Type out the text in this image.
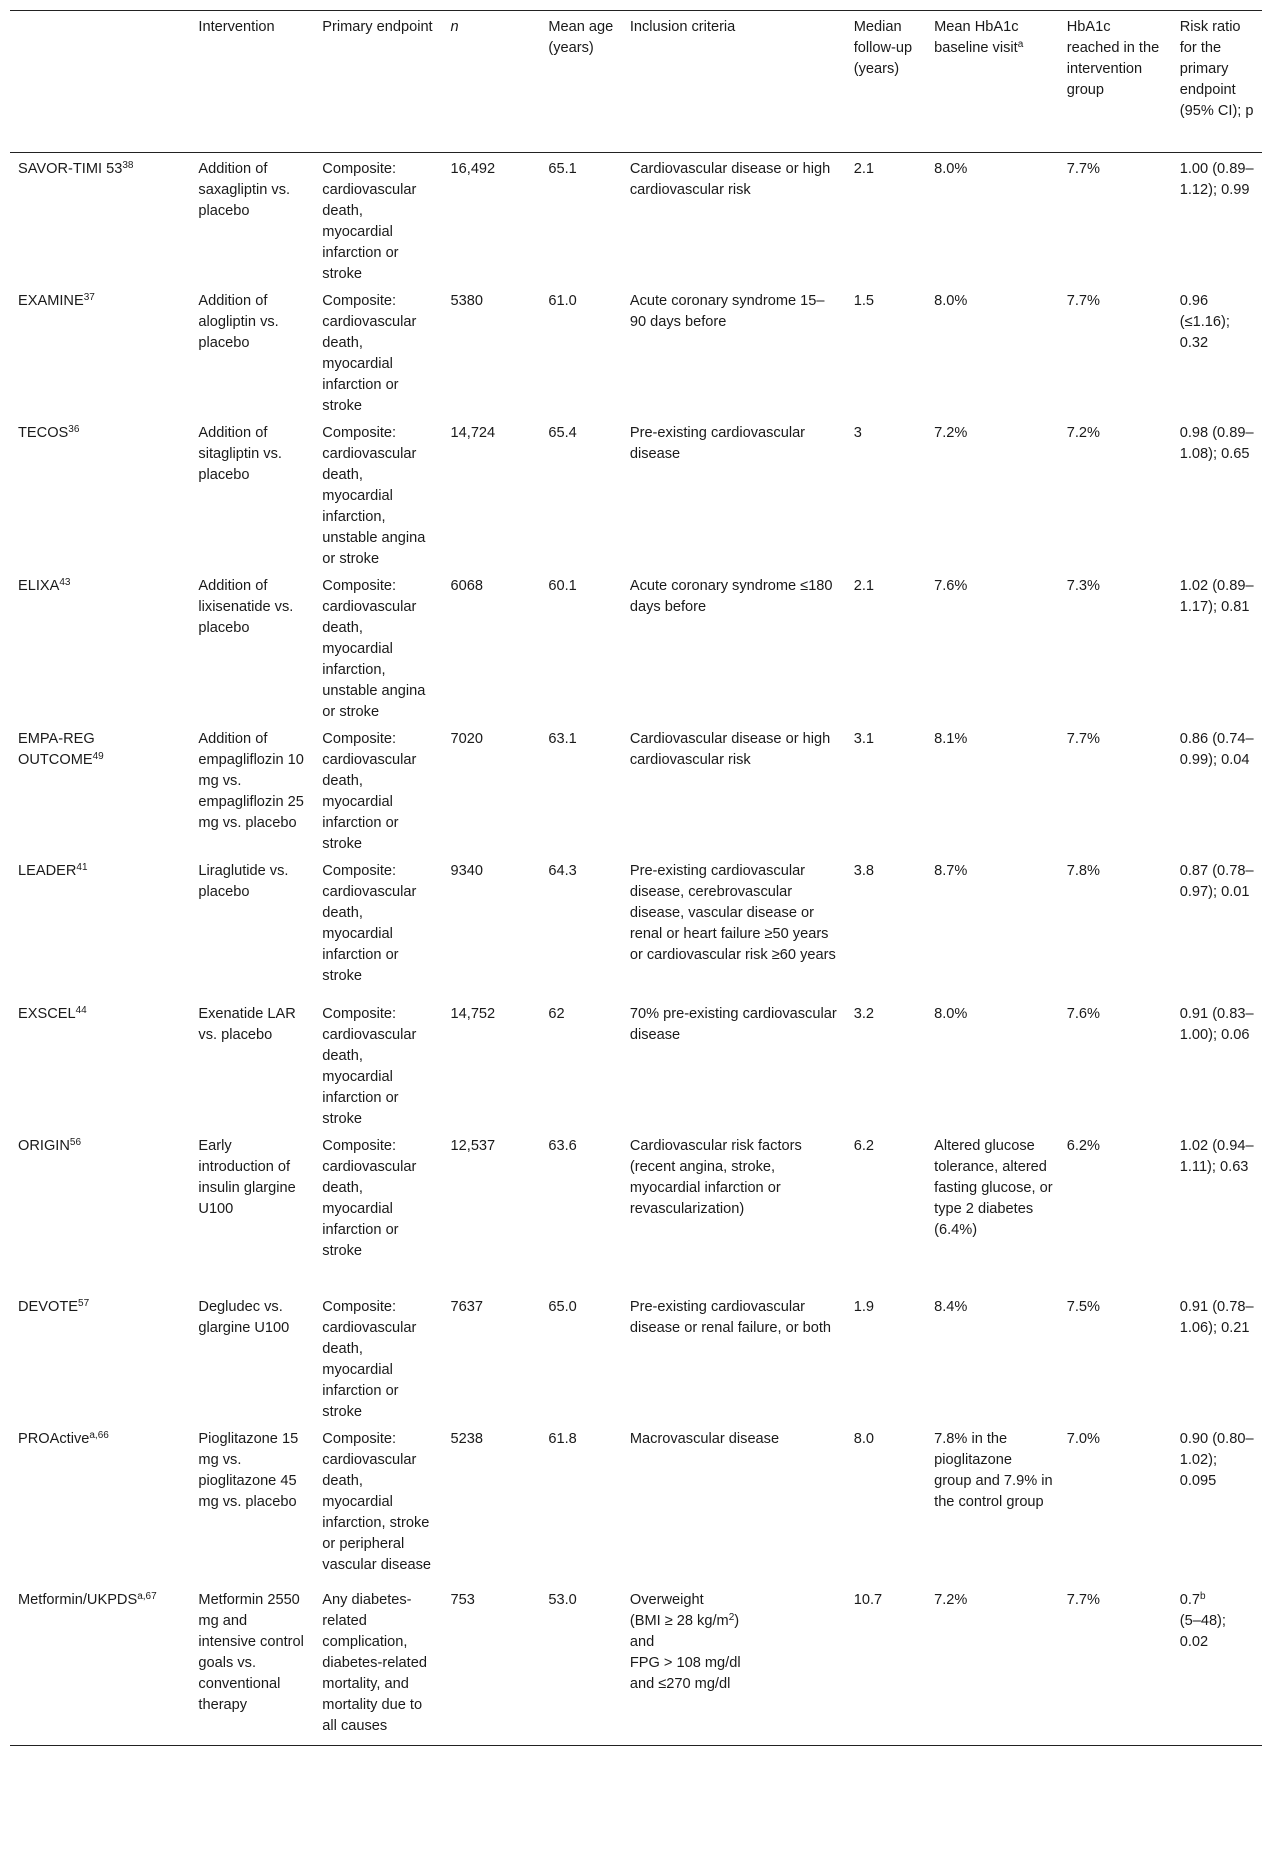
	Intervention	Primary endpoint	n	Mean age (years)	Inclusion criteria	Median follow-up (years)	Mean HbA1c baseline visit$^a$	HbA1c reached in the intervention group	Risk ratio for the primary endpoint (95% CI); p
SAVOR-TIMI $53^{38}$	Addition of saxagliptin vs. placebo	Composite: cardiovascular death, myocardial infarction or stroke	16,492	65.1	Cardiovascular disease or high cardiovascular risk	2.1	8.0%	7.7%	1.00 (0.89–1.12); 0.99
EXAMINE$^{37}$	Addition of alogliptin vs. placebo	Composite: cardiovascular death, myocardial infarction or stroke	5380	61.0	Acute coronary syndrome 15–90 days before	1.5	8.0%	7.7%	0.96 (≤1.16); 0.32
TECOS$^{36}$	Addition of sitagliptin vs. placebo	Composite: cardiovascular death, myocardial infarction, unstable angina or stroke	14,724	65.4	Pre-existing cardiovascular disease	3	7.2%	7.2%	0.98 (0.89–1.08); 0.65
ELIXA$^{43}$	Addition of lixisenatide vs. placebo	Composite: cardiovascular death, myocardial infarction, unstable angina or stroke	6068	60.1	Acute coronary syndrome ≤180 days before	2.1	7.6%	7.3%	1.02 (0.89–1.17); 0.81
EMPA-REG OUTCOME$^{49}$	Addition of empagliflozin 10 mg vs. empagliflozin 25 mg vs. placebo	Composite: cardiovascular death, myocardial infarction or stroke	7020	63.1	Cardiovascular disease or high cardiovascular risk	3.1	8.1%	7.7%	0.86 (0.74–0.99); 0.04
LEADER$^{41}$	Liraglutide vs. placebo	Composite: cardiovascular death, myocardial infarction or stroke	9340	64.3	Pre-existing cardiovascular disease, cerebrovascular disease, vascular disease or renal or heart failure ≥50 years or cardiovascular risk ≥60 years	3.8	8.7%	7.8%	0.87 (0.78–0.97); 0.01
EXSCEL$^{44}$	Exenatide LAR vs. placebo	Composite: cardiovascular death, myocardial infarction or stroke	14,752	62	70% pre-existing cardiovascular disease	3.2	8.0%	7.6%	0.91 (0.83–1.00); 0.06
ORIGIN$^{56}$	Early introduction of insulin glargine U100	Composite: cardiovascular death, myocardial infarction or stroke	12,537	63.6	Cardiovascular risk factors (recent angina, stroke, myocardial infarction or revascularization)	6.2	Altered glucose tolerance, altered fasting glucose, or type 2 diabetes (6.4%)	6.2%	1.02 (0.94–1.11); 0.63
DEVOTE$^{57}$	Degludec vs. glargine U100	Composite: cardiovascular death, myocardial infarction or stroke	7637	65.0	Pre-existing cardiovascular disease or renal failure, or both	1.9	8.4%	7.5%	0.91 (0.78–1.06); 0.21
PROActive$^{a,66}$	Pioglitazone 15 mg vs. pioglitazone 45 mg vs. placebo	Composite: cardiovascular death, myocardial infarction, stroke or peripheral vascular disease	5238	61.8	Macrovascular disease	8.0	7.8% in the pioglitazone group and 7.9% in the control group	7.0%	0.90 (0.80–1.02); 0.095
Metformin/UKPDS$^{a,67}$	Metformin 2550 mg and intensive control goals vs. conventional therapy	Any diabetes-related complication, diabetes-related mortality, and mortality due to all causes	753	53.0	Overweight
(BMI ≥ 28 $kg/m^2$)
and
FPG > 108 mg/dl
and ≤270 mg/dl	10.7	7.2%	7.7%	0.7$^b$
(5–48); 0.02
